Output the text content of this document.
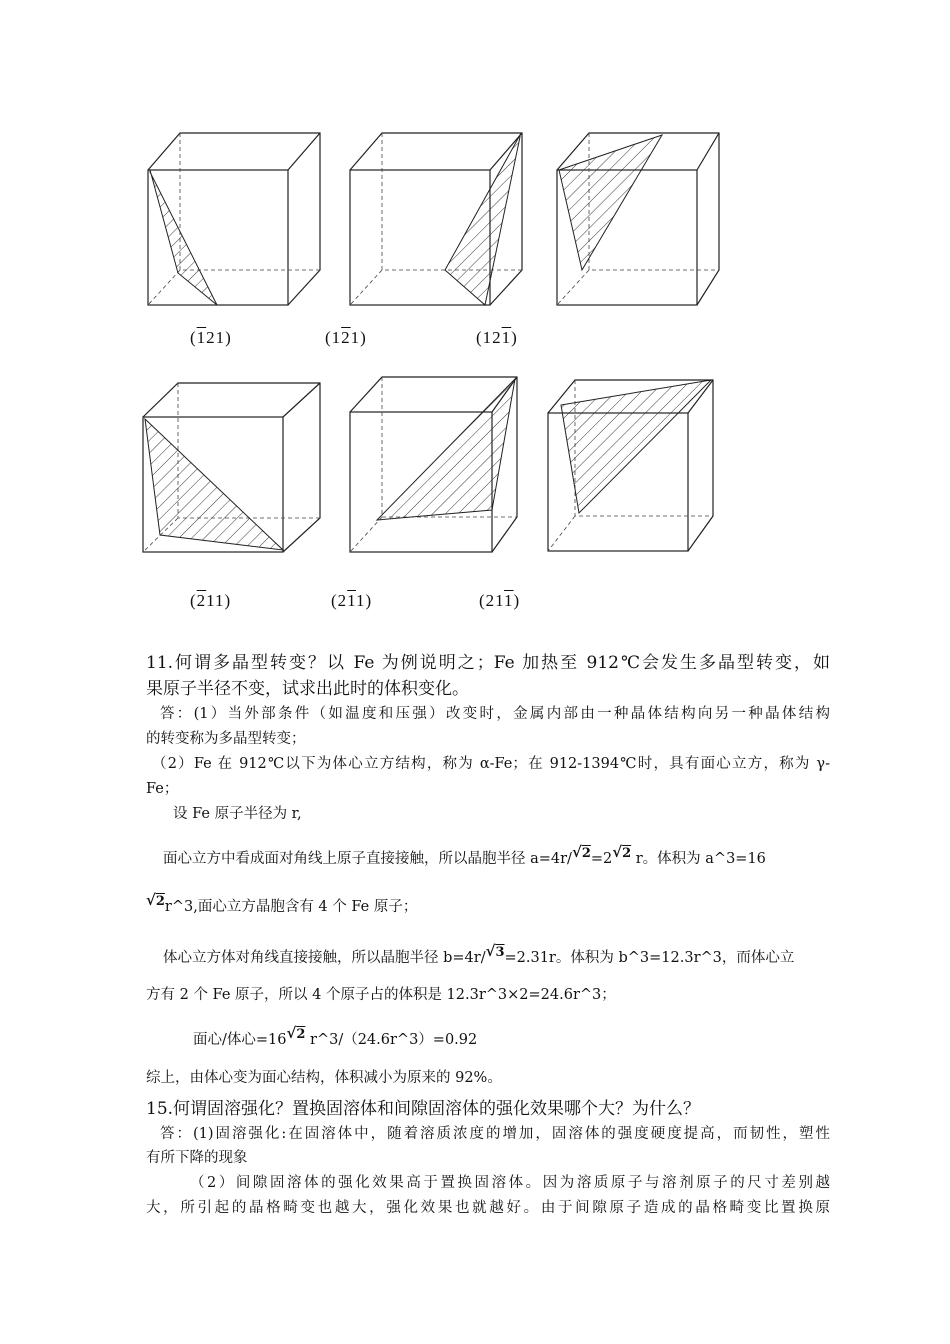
(121)	(121)	(121)
(211)	(211)	(211)
11.何谓多晶型转变？以 Fe 为例说明之；Fe 加热至 912℃会发生多晶型转变，如
果原子半径不变，试求出此时的体积变化。
答：(1）当外部条件（如温度和压强）改变时，金属内部由一种晶体结构向另一种晶体结构
的转变称为多晶型转变；
（2）Fe 在 912℃以下为体心立方结构，称为 α-Fe；在 912-1394℃时，具有面心立方，称为 γ-
Fe；
设 Fe 原子半径为 r,
面心立方中看成面对角线上原子直接接触，所以晶胞半径 a=4r/√2=2√2 r。体积为 a^3=16
√2r^3,面心立方晶胞含有 4 个 Fe 原子；
体心立方体对角线直接接触，所以晶胞半径 b=4r/√3=2.31r。体积为 b^3=12.3r^3，而体心立
方有 2 个 Fe 原子，所以 4 个原子占的体积是 12.3r^3×2=24.6r^3；
面心/体心=16√2 r^3/（24.6r^3）=0.92
综上，由体心变为面心结构，体积减小为原来的 92%。
15.何谓固溶强化？置换固溶体和间隙固溶体的强化效果哪个大？为什么？
答：(1)固溶强化:在固溶体中，随着溶质浓度的增加，固溶体的强度硬度提高，而韧性，塑性
有所下降的现象
（2）间隙固溶体的强化效果高于置换固溶体。因为溶质原子与溶剂原子的尺寸差别越
大，所引起的晶格畸变也越大，强化效果也就越好。由于间隙原子造成的晶格畸变比置换原
